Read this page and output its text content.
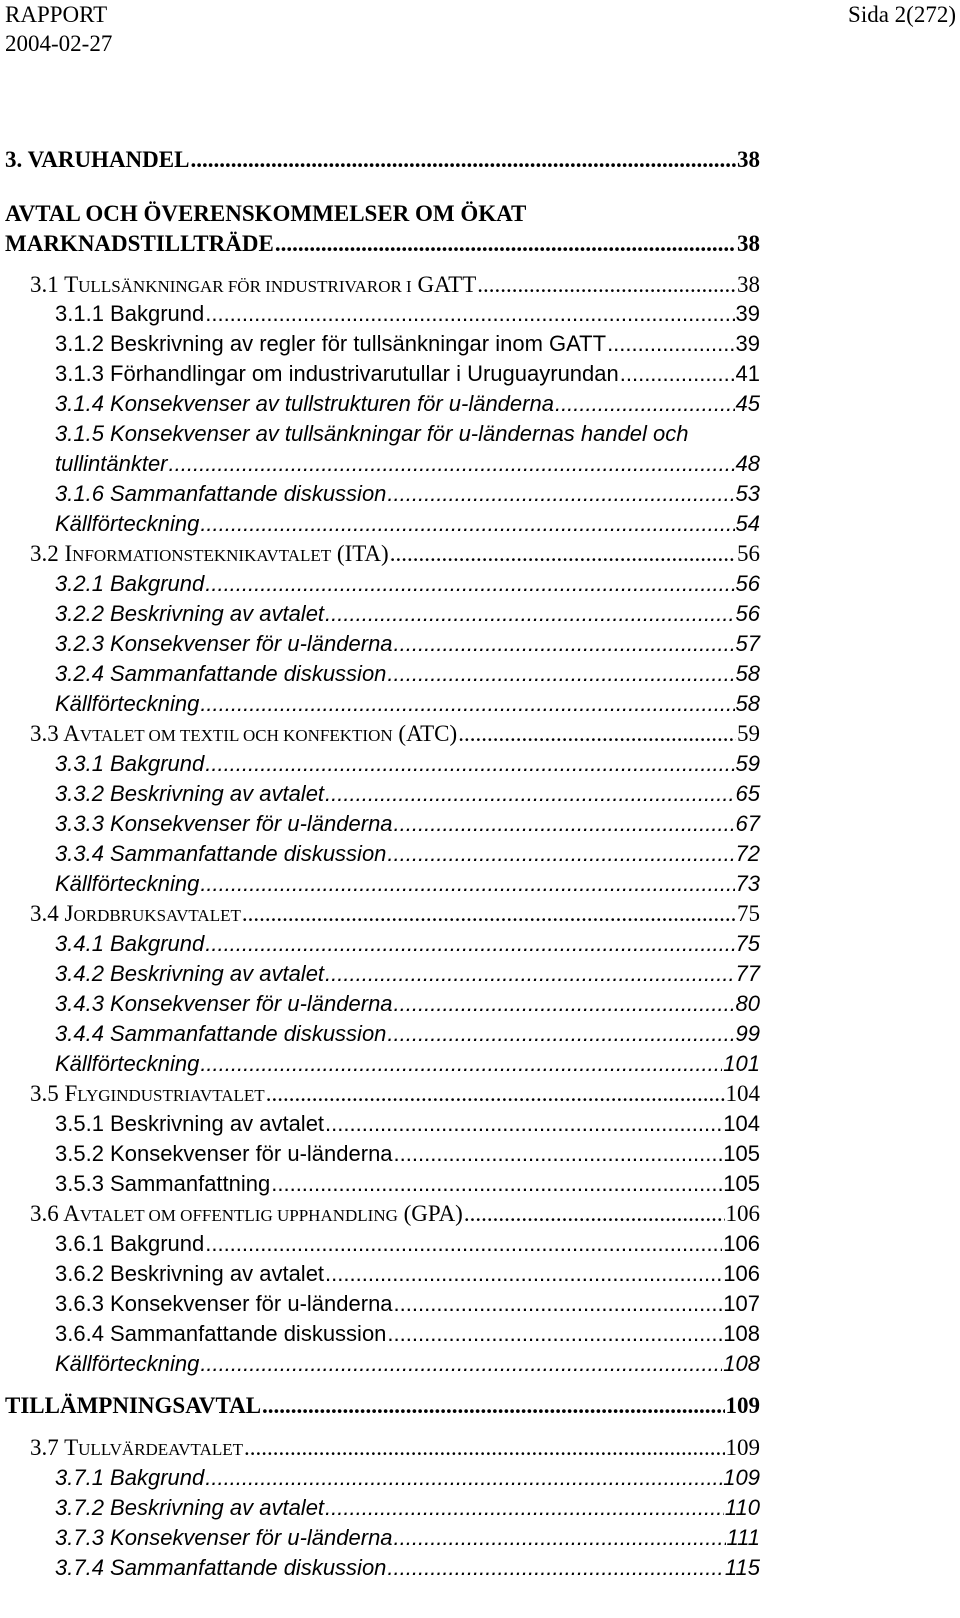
RAPPORT
2004-02-27
Sida 2(272)
3. VARUHANDEL .....	38
AVTAL OCH ÖVERENSKOMMELSER OM ÖKAT
MARKNADSTILLTRÄDE .....	38
3.1 TULLSÄNKNINGAR FÖR INDUSTRIVAROR I GATT .....	38
3.1.1 Bakgrund .....	39
3.1.2 Beskrivning av regler för tullsänkningar inom GATT .....	39
3.1.3 Förhandlingar om industrivarutullar i Uruguayrundan .....	41
3.1.4 Konsekvenser av tullstrukturen för u-länderna .....	45
3.1.5 Konsekvenser av tullsänkningar för u-ländernas handel och
tullintänkter .....	48
3.1.6 Sammanfattande diskussion .....	53
Källförteckning .....	54
3.2 INFORMATIONSTEKNIKAVTALET (ITA) .....	56
3.2.1 Bakgrund .....	56
3.2.2 Beskrivning av avtalet .....	56
3.2.3 Konsekvenser för u-länderna .....	57
3.2.4 Sammanfattande diskussion .....	58
Källförteckning .....	58
3.3 AVTALET OM TEXTIL OCH KONFEKTION (ATC) .....	59
3.3.1 Bakgrund .....	59
3.3.2 Beskrivning av avtalet .....	65
3.3.3 Konsekvenser för u-länderna .....	67
3.3.4 Sammanfattande diskussion .....	72
Källförteckning .....	73
3.4 JORDBRUKSAVTALET .....	75
3.4.1 Bakgrund .....	75
3.4.2 Beskrivning av avtalet .....	77
3.4.3 Konsekvenser för u-länderna .....	80
3.4.4 Sammanfattande diskussion .....	99
Källförteckning .....	101
3.5 FLYGINDUSTRIAVTALET .....	104
3.5.1 Beskrivning av avtalet .....	104
3.5.2 Konsekvenser för u-länderna .....	105
3.5.3 Sammanfattning .....	105
3.6 AVTALET OM OFFENTLIG UPPHANDLING (GPA) .....	106
3.6.1 Bakgrund .....	106
3.6.2 Beskrivning av avtalet .....	106
3.6.3 Konsekvenser för u-länderna .....	107
3.6.4 Sammanfattande diskussion .....	108
Källförteckning .....	108
TILLÄMPNINGSAVTAL .....	109
3.7 TULLVÄRDEAVTALET .....	109
3.7.1 Bakgrund .....	109
3.7.2 Beskrivning av avtalet .....	110
3.7.3 Konsekvenser för u-länderna .....	111
3.7.4 Sammanfattande diskussion .....	115
